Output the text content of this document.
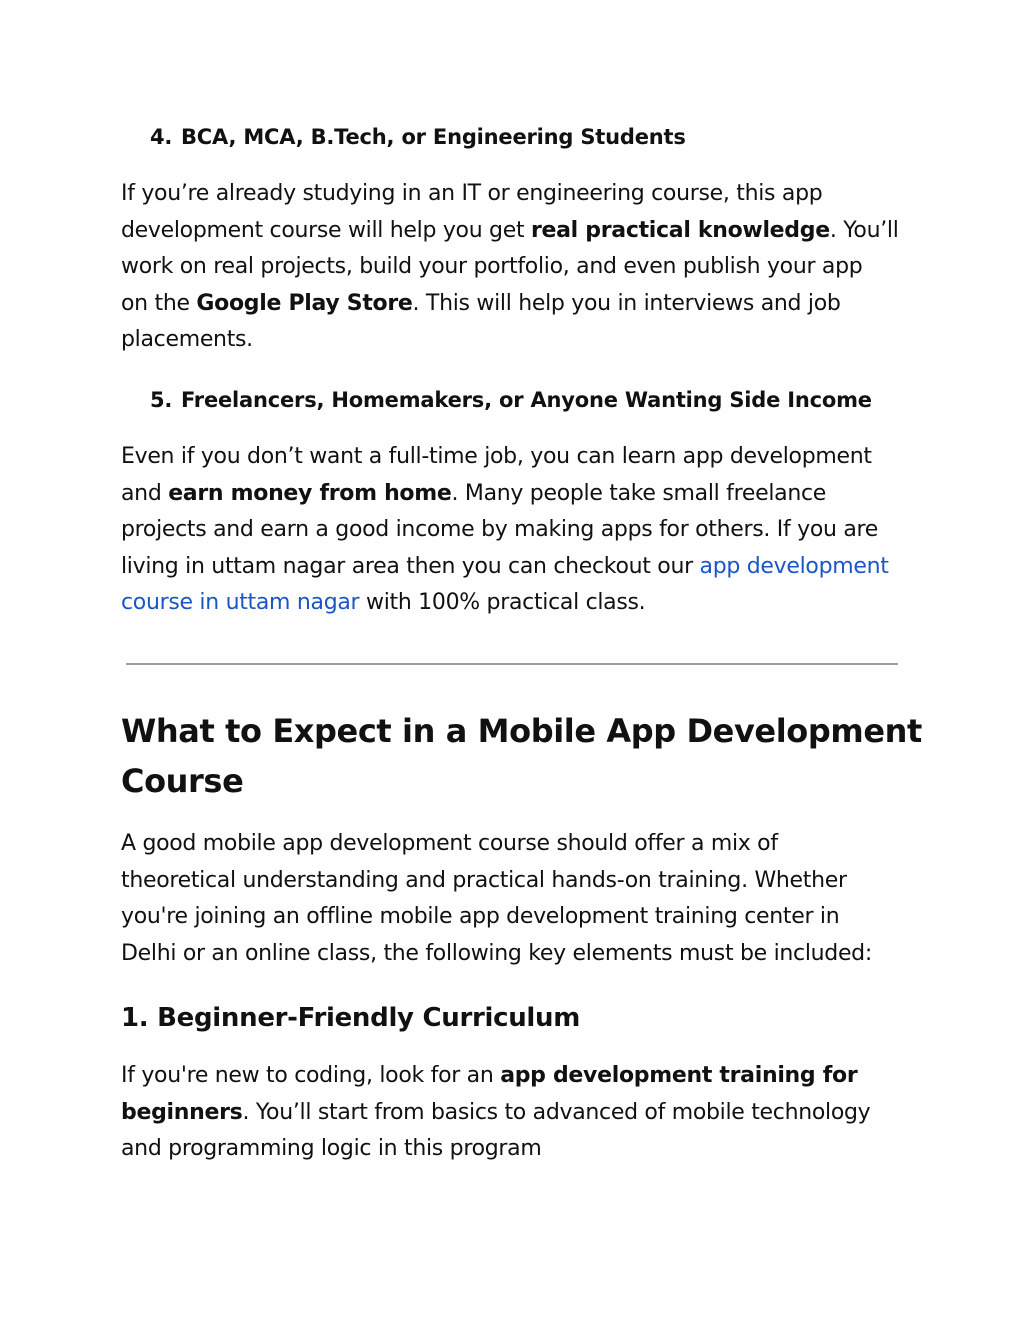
4. BCA, MCA, B.Tech, or Engineering Students
If you’re already studying in an IT or engineering course, this app
development course will help you get real practical knowledge. You’ll
work on real projects, build your portfolio, and even publish your app
on the Google Play Store. This will help you in interviews and job
placements.
5. Freelancers, Homemakers, or Anyone Wanting Side Income
Even if you don’t want a full-time job, you can learn app development
and earn money from home. Many people take small freelance
projects and earn a good income by making apps for others. If you are
living in uttam nagar area then you can checkout our app development
course in uttam nagar with 100% practical class.
What to Expect in a Mobile App Development
Course
A good mobile app development course should offer a mix of
theoretical understanding and practical hands-on training. Whether
you're joining an offline mobile app development training center in
Delhi or an online class, the following key elements must be included:
1. Beginner-Friendly Curriculum
If you're new to coding, look for an app development training for
beginners. You’ll start from basics to advanced of mobile technology
and programming logic in this program
